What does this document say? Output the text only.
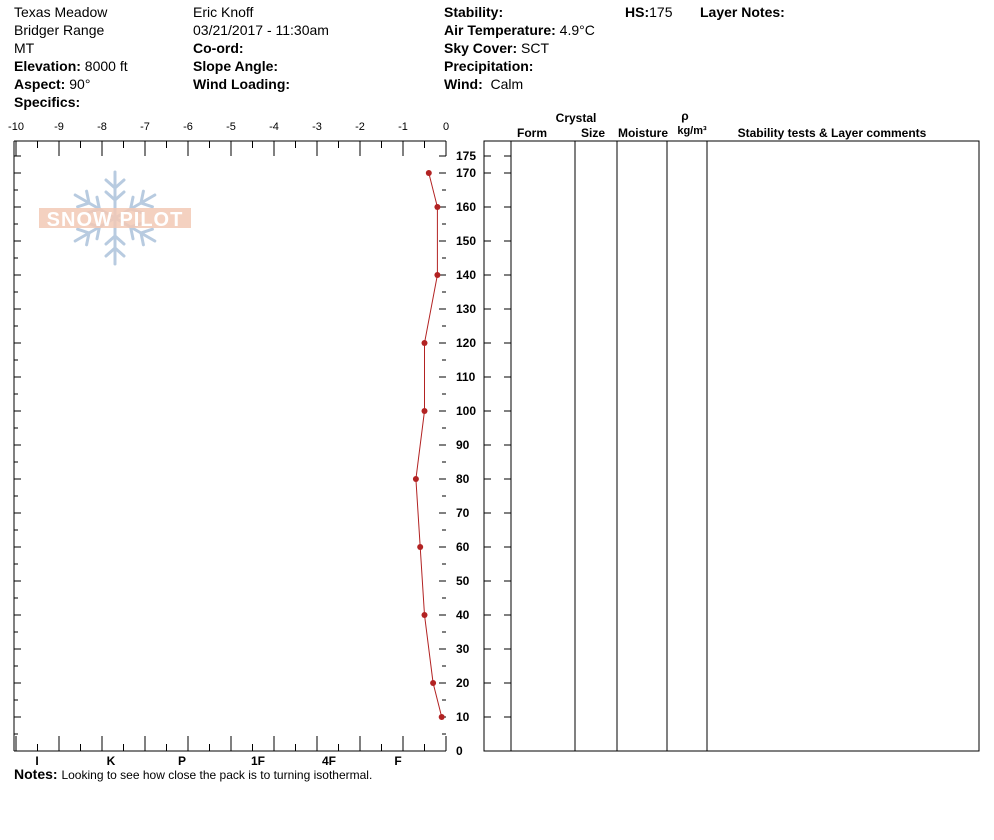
Texas Meadow
Bridger Range
MT
Elevation: 8000 ft
Aspect: 90°
Specifics:
Eric Knoff
03/21/2017 - 11:30am
Co-ord:
Slope Angle:
Wind Loading:
Stability:
Air Temperature: 4.9°C
Sky Cover: SCT
Precipitation:
Wind: Calm
HS:175 Layer Notes:
SNOW PILOT
-10	-9	-8	-7	-6	-5	-4	-3	-2	-1	0
I	K	P	1F	4F	F
175
170
160
150
140
130
120
110
100
90
80
70
60
50
40
30
20
10
0
Crystal
Form	Size Moisture
ρ
kg/m³	Stability tests & Layer comments
Notes: Looking to see how close the pack is to turning isothermal.
